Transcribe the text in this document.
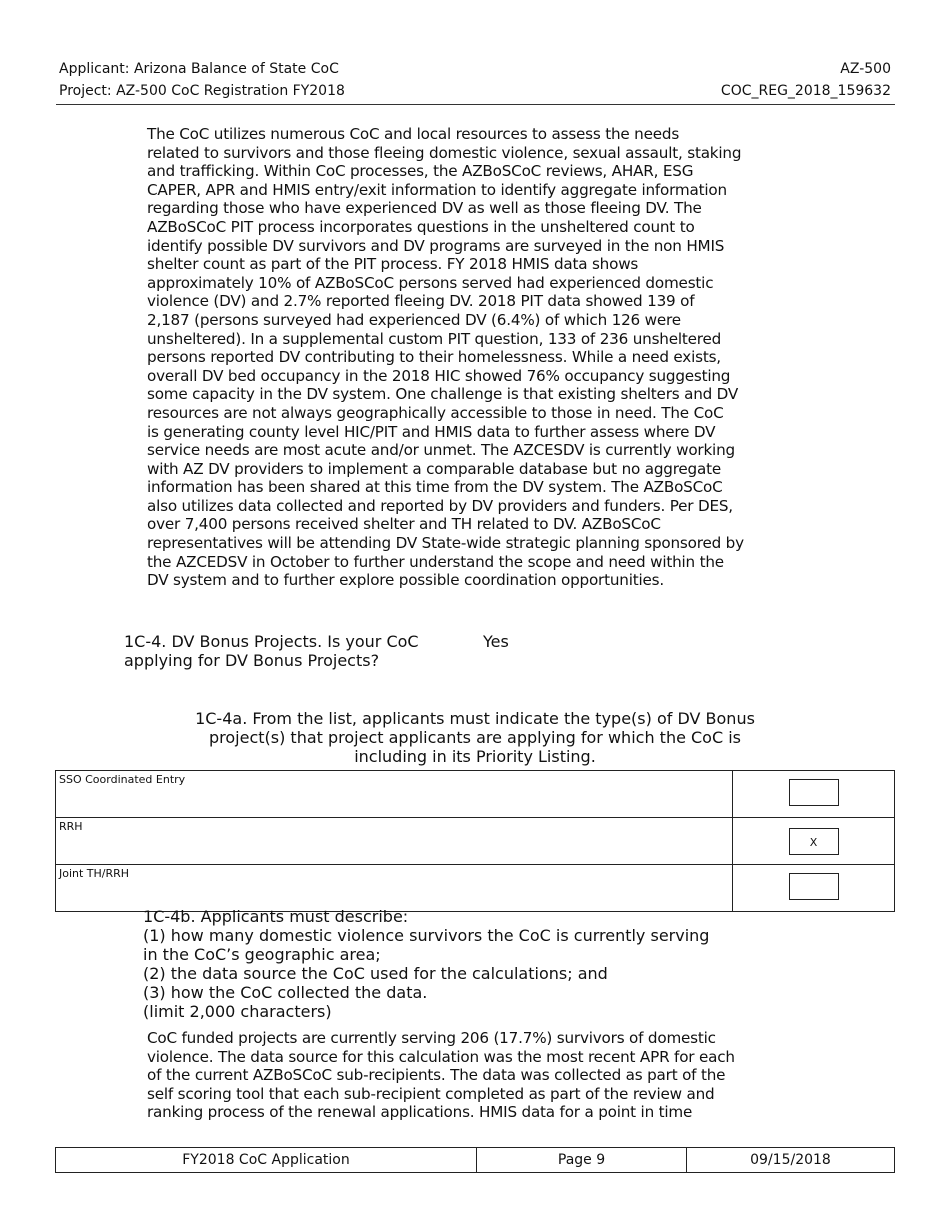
Applicant: Arizona Balance of State CoC
Project: AZ-500 CoC Registration FY2018
AZ-500
COC_REG_2018_159632
The CoC utilizes numerous CoC and local resources to assess the needs
related to survivors and those fleeing domestic violence, sexual assault, staking
and trafficking. Within CoC processes, the AZBoSCoC reviews, AHAR, ESG
CAPER, APR and HMIS entry/exit information to identify aggregate information
regarding those who have experienced DV as well as those fleeing DV. The
AZBoSCoC PIT process incorporates questions in the unsheltered count to
identify possible DV survivors and DV programs are surveyed in the non HMIS
shelter count as part of the PIT process. FY 2018 HMIS data shows
approximately 10% of AZBoSCoC persons served had experienced domestic
violence (DV) and 2.7% reported fleeing DV. 2018 PIT data showed 139 of
2,187 (persons surveyed had experienced DV (6.4%) of which 126 were
unsheltered). In a supplemental custom PIT question, 133 of 236 unsheltered
persons reported DV contributing to their homelessness. While a need exists,
overall DV bed occupancy in the 2018 HIC showed 76% occupancy suggesting
some capacity in the DV system. One challenge is that existing shelters and DV
resources are not always geographically accessible to those in need. The CoC
is generating county level HIC/PIT and HMIS data to further assess where DV
service needs are most acute and/or unmet. The AZCESDV is currently working
with AZ DV providers to implement a comparable database but no aggregate
information has been shared at this time from the DV system. The AZBoSCoC
also utilizes data collected and reported by DV providers and funders. Per DES,
over 7,400 persons received shelter and TH related to DV. AZBoSCoC
representatives will be attending DV State-wide strategic planning sponsored by
the AZCEDSV in October to further understand the scope and need within the
DV system and to further explore possible coordination opportunities.
1C-4. DV Bonus Projects. Is your CoC
applying for DV Bonus Projects?
Yes
1C-4a. From the list, applicants must indicate the type(s) of DV Bonus
project(s) that project applicants are applying for which the CoC is
including in its Priority Listing.
SSO Coordinated Entry	
RRH	X
Joint TH/RRH	
1C-4b. Applicants must describe:
(1) how many domestic violence survivors the CoC is currently serving
in the CoC’s geographic area;
(2) the data source the CoC used for the calculations; and
(3) how the CoC collected the data.
(limit 2,000 characters)
CoC funded projects are currently serving 206 (17.7%) survivors of domestic
violence. The data source for this calculation was the most recent APR for each
of the current AZBoSCoC sub-recipients. The data was collected as part of the
self scoring tool that each sub-recipient completed as part of the review and
ranking process of the renewal applications. HMIS data for a point in time
FY2018 CoC Application	Page 9	09/15/2018
